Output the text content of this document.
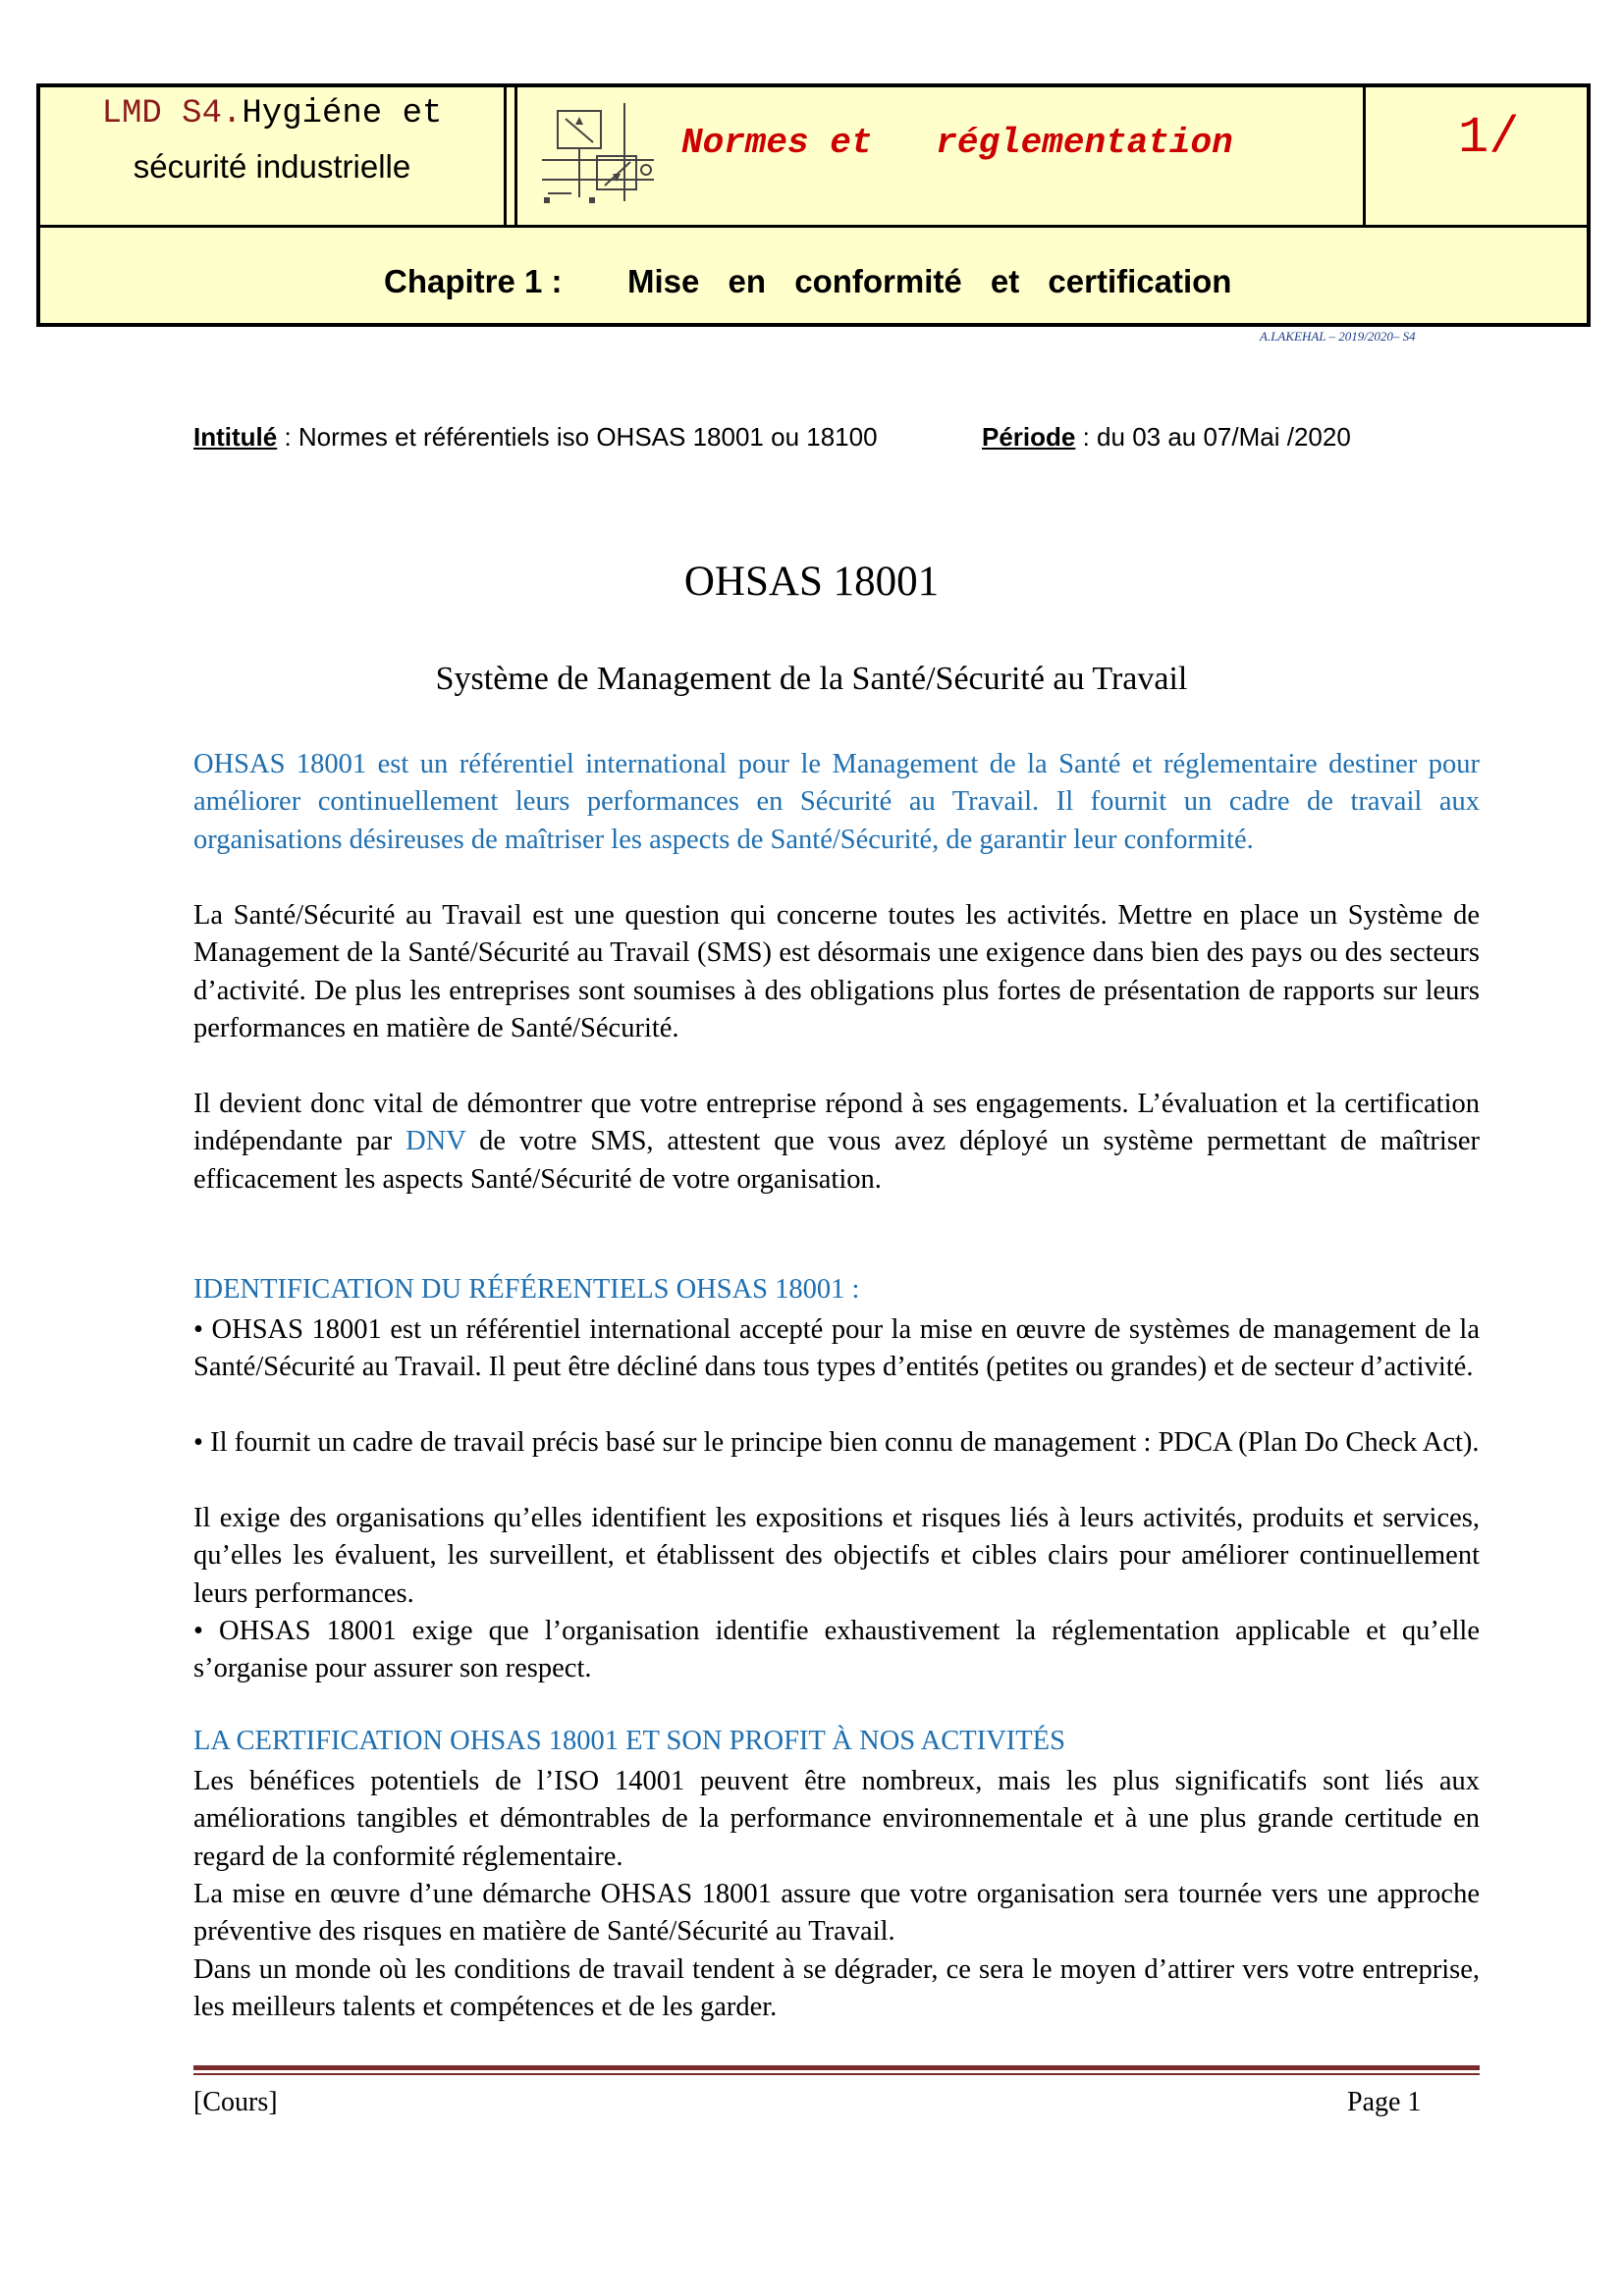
LMD S4.Hygiéne et
sécurité industrielle
Normes et   réglementation	1/
Chapitre 1 : Mise en conformité et certification
A.LAKEHAL – 2019/2020– S4
Intitulé : Normes et référentiels iso OHSAS 18001 ou 18100	Période : du 03 au 07/Mai /2020
OHSAS 18001
Système de Management de la Santé/Sécurité au Travail
OHSAS 18001 est un référentiel international pour le Management de la Santé et réglementaire destiner pour améliorer continuellement leurs performances en Sécurité au Travail. Il fournit un cadre de travail aux organisations désireuses de maîtriser les aspects de Santé/Sécurité, de garantir leur conformité.
La Santé/Sécurité au Travail est une question qui concerne toutes les activités. Mettre en place un Système de Management de la Santé/Sécurité au Travail (SMS) est désormais une exigence dans bien des pays ou des secteurs d’activité. De plus les entreprises sont soumises à des obligations plus fortes de présentation de rapports sur leurs performances en matière de Santé/Sécurité.
Il devient donc vital de démontrer que votre entreprise répond à ses engagements. L’évaluation et la certification indépendante par DNV de votre SMS, attestent que vous avez déployé un système permettant de maîtriser efficacement les aspects Santé/Sécurité de votre organisation.
IDENTIFICATION DU RÉFÉRENTIELS OHSAS 18001 :
• OHSAS 18001 est un référentiel international accepté pour la mise en œuvre de systèmes de management de la Santé/Sécurité au Travail. Il peut être décliné dans tous types d’entités (petites ou grandes) et de secteur d’activité.
• Il fournit un cadre de travail précis basé sur le principe bien connu de management : PDCA (Plan Do Check Act).
Il exige des organisations qu’elles identifient les expositions et risques liés à leurs activités, produits et services, qu’elles les évaluent, les surveillent, et établissent des objectifs et cibles clairs pour améliorer continuellement leurs performances.
• OHSAS 18001 exige que l’organisation identifie exhaustivement la réglementation applicable et qu’elle s’organise pour assurer son respect.
LA CERTIFICATION OHSAS 18001 ET SON PROFIT À NOS ACTIVITÉS
Les bénéfices potentiels de l’ISO 14001 peuvent être nombreux, mais les plus significatifs sont liés aux améliorations tangibles et démontrables de la performance environnementale et à une plus grande certitude en regard de la conformité réglementaire.
La mise en œuvre d’une démarche OHSAS 18001 assure que votre organisation sera tournée vers une approche préventive des risques en matière de Santé/Sécurité au Travail.
Dans un monde où les conditions de travail tendent à se dégrader, ce sera le moyen d’attirer vers votre entreprise, les meilleurs talents et compétences et de les garder.
[Cours]	Page 1
